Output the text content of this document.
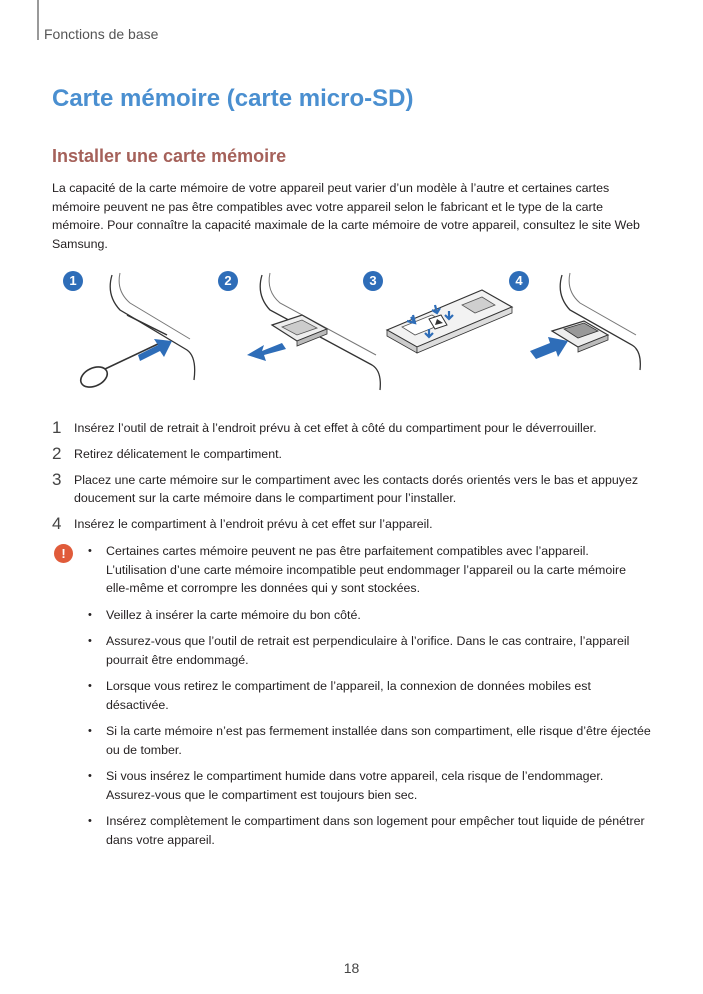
Fonctions de base
Carte mémoire (carte micro-SD)
Installer une carte mémoire
La capacité de la carte mémoire de votre appareil peut varier d’un modèle à l’autre et certaines cartes mémoire peuvent ne pas être compatibles avec votre appareil selon le fabricant et le type de la carte mémoire. Pour connaître la capacité maximale de la carte mémoire de votre appareil, consultez le site Web Samsung.
1	2	3	4
1	Insérez l’outil de retrait à l’endroit prévu à cet effet à côté du compartiment pour le déverrouiller.
2	Retirez délicatement le compartiment.
3	Placez une carte mémoire sur le compartiment avec les contacts dorés orientés vers le bas et appuyez doucement sur la carte mémoire dans le compartiment pour l’installer.
4	Insérez le compartiment à l’endroit prévu à cet effet sur l’appareil.
!	•	Certaines cartes mémoire peuvent ne pas être parfaitement compatibles avec l’appareil. L’utilisation d’une carte mémoire incompatible peut endommager l’appareil ou la carte mémoire elle-même et corrompre les données qui y sont stockées.
•	Veillez à insérer la carte mémoire du bon côté.
•	Assurez-vous que l’outil de retrait est perpendiculaire à l’orifice. Dans le cas contraire, l’appareil pourrait être endommagé.
•	Lorsque vous retirez le compartiment de l’appareil, la connexion de données mobiles est désactivée.
•	Si la carte mémoire n’est pas fermement installée dans son compartiment, elle risque d’être éjectée ou de tomber.
•	Si vous insérez le compartiment humide dans votre appareil, cela risque de l’endommager. Assurez-vous que le compartiment est toujours bien sec.
•	Insérez complètement le compartiment dans son logement pour empêcher tout liquide de pénétrer dans votre appareil.
18
